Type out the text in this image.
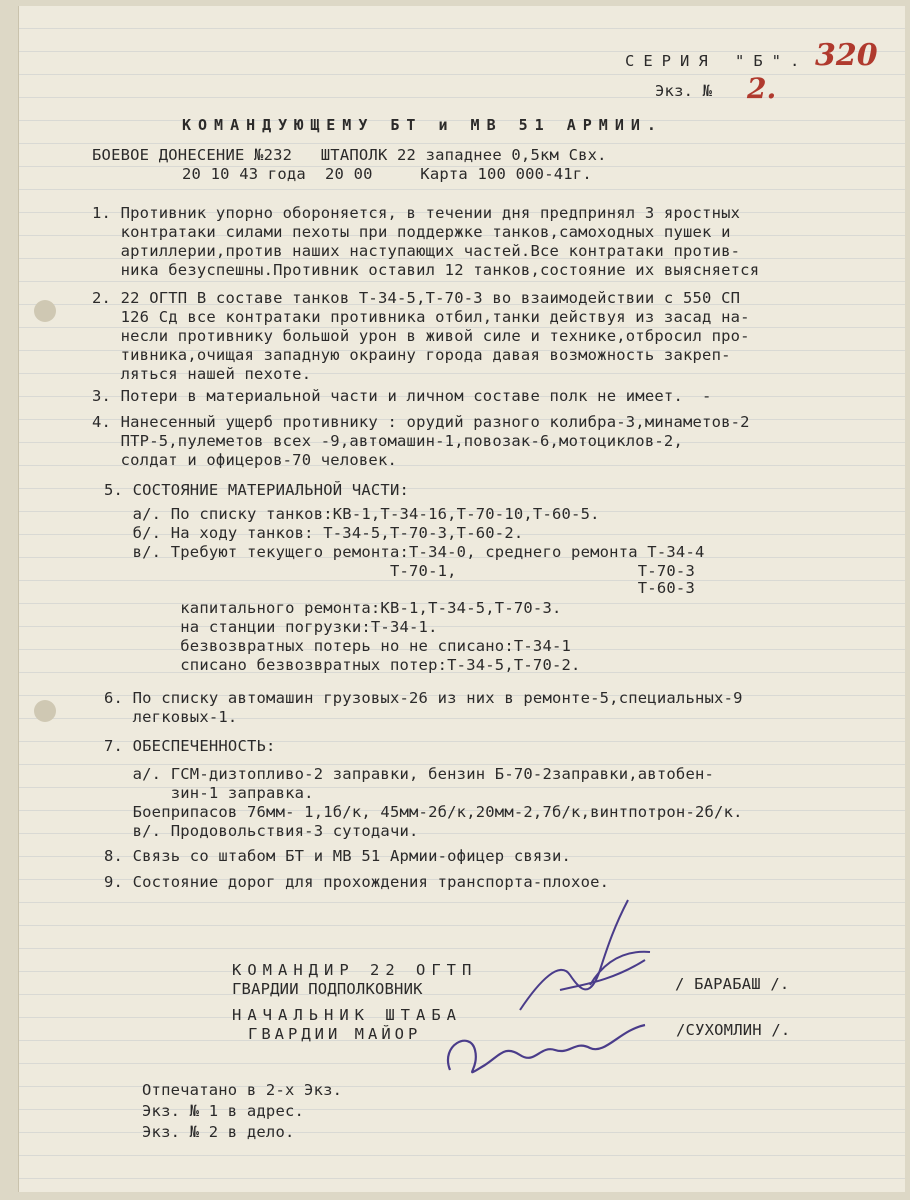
СЕРИЯ "Б". 320
Экз. № 2.
КОМАНДУЮЩЕМУ БТ и МВ 51 АРМИИ.
БОЕВОЕ ДОНЕСЕНИЕ №232   ШТАПОЛК 22 западнее 0,5км Свх.
20 10 43 года  20 00     Карта 100 000-41г.
1. Противник упорно обороняется, в течении дня предпринял 3 яростных
контратаки силами пехоты при поддержке танков,самоходных пушек и
артиллерии,против наших наступающих частей.Все контратаки против-
ника безуспешны.Противник оставил 12 танков,состояние их выясняется
2. 22 ОГТП В составе танков Т-34-5,Т-70-3 во взаимодействии с 550 СП
126 Сд все контратаки противника отбил,танки действуя из засад на-
несли противнику большой урон в живой силе и технике,отбросил про-
тивника,очищая западную окраину города давая возможность закреп-
ляться нашей пехоте.
3. Потери в материальной части и личном составе полк не имеет.  -
4. Нанесенный ущерб противнику : орудий разного колибра-3,минаметов-2
ПТР-5,пулеметов всех -9,автомашин-1,повозак-6,мотоциклов-2,
солдат и офицеров-70 человек.
5. СОСТОЯНИЕ МАТЕРИАЛЬНОЙ ЧАСТИ:
а/. По списку танков:КВ-1,Т-34-16,Т-70-10,Т-60-5.
б/. На ходу танков: Т-34-5,Т-70-3,Т-60-2.
в/. Требуют текущего ремонта:Т-34-0, среднего ремонта Т-34-4
Т-70-1,                   Т-70-3
Т-60-3
капитального ремонта:КВ-1,Т-34-5,Т-70-3.
на станции погрузки:Т-34-1.
безвозвратных потерь но не списано:Т-34-1
списано безвозвратных потер:Т-34-5,Т-70-2.
6. По списку автомашин грузовых-26 из них в ремонте-5,специальных-9
легковых-1.
7. ОБЕСПЕЧЕННОСТЬ:
а/. ГСМ-дизтопливо-2 заправки, бензин Б-70-2заправки,автобен-
зин-1 заправка.
Боеприпасов 76мм- 1,1б/к, 45мм-2б/к,20мм-2,7б/к,винтпотрон-2б/к.
в/. Продовольствия-3 сутодачи.
8. Связь со штабом БТ и МВ 51 Армии-офицер связи.
9. Состояние дорог для прохождения транспорта-плохое.
КОМАНДИР 22 ОГТП
ГВАРДИИ ПОДПОЛКОВНИК	/ БАРАБАШ /.
НАЧАЛЬНИК ШТАБА
ГВАРДИИ МАЙОР	/СУХОМЛИН /.
Отпечатано в 2-х Экз.
Экз. № 1 в адрес.
Экз. № 2 в дело.
